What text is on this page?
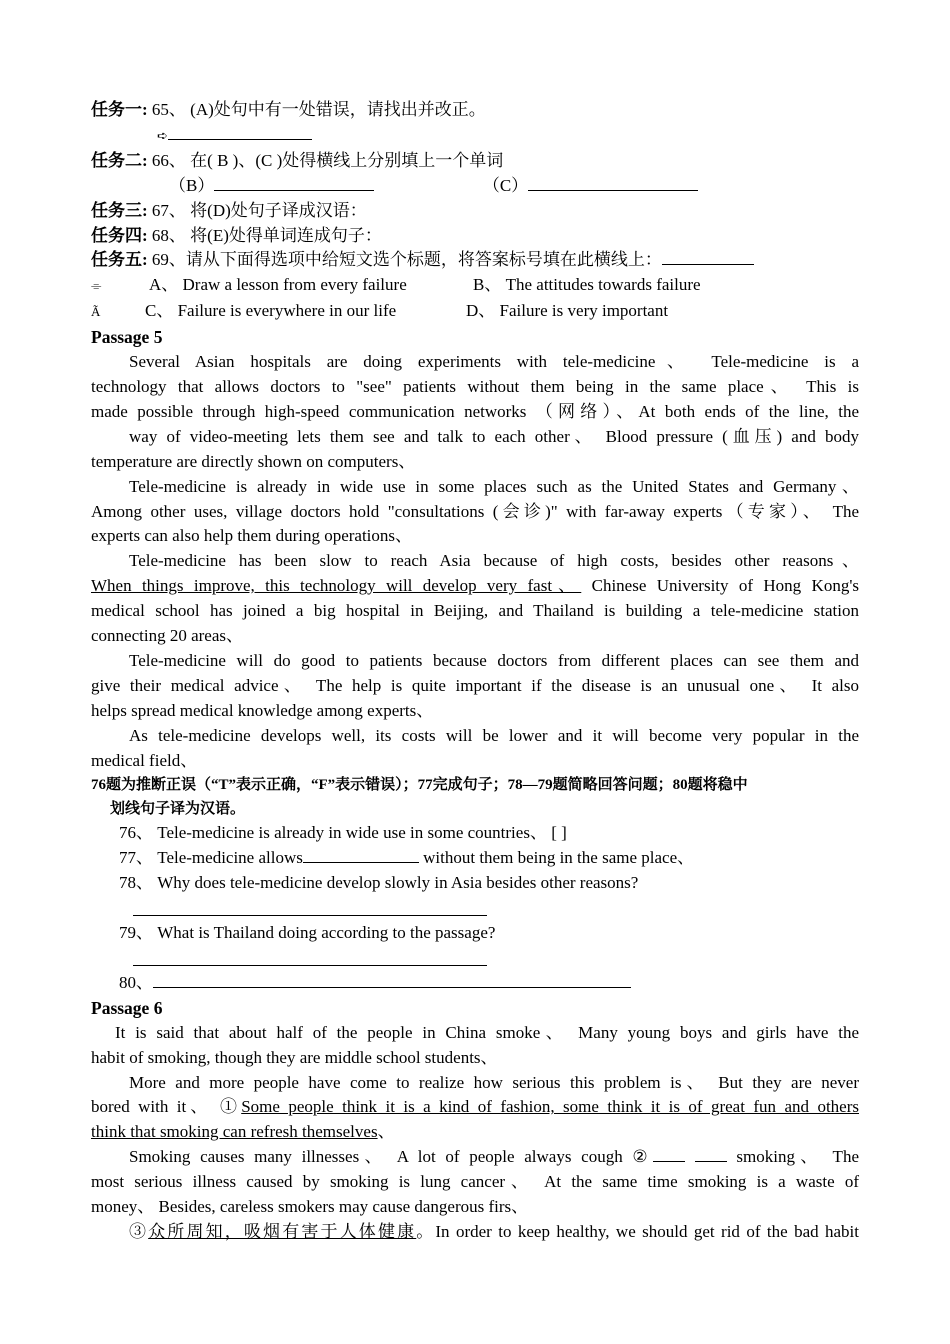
任务一: 65、 (A)处句中有一处错误，请找出并改正。
➪
任务二: 66、 在( B )、(C )处得横线上分别填上一个单词
（B）	（C）
任务三: 67、 将(D)处句子译成汉语：
任务四: 68、 将(E)处得单词连成句子：
任务五: 69、请从下面得选项中给短文选个标题，将答案标号填在此横线上：
⌯	A、 Draw a lesson from every failure	B、 The attitudes towards failure
Ã	C、 Failure is everywhere in our life	D、 Failure is very important
Passage 5
Several Asian hospitals are doing experiments with tele-medicine、 Tele-medicine is a
technology that allows doctors to "see" patients without them being in the same place、 This is
made possible through high-speed communication networks （网络）、At both ends of the line, the
way of video-meeting lets them see and talk to each other、 Blood pressure (血压) and body
temperature are directly shown on computers、
Tele-medicine is already in wide use in some places such as the United States and Germany、
Among other uses, village doctors hold "consultations (会诊)" with far-away experts（专家）、 The
experts can also help them during operations、
Tele-medicine has been slow to reach Asia because of high costs, besides other reasons、
When things improve, this technology will develop very fast、 Chinese University of Hong Kong's
medical school has joined a big hospital in Beijing, and Thailand is building a tele-medicine station
connecting 20 areas、
Tele-medicine will do good to patients because doctors from different places can see them and
give their medical advice、 The help is quite important if the disease is an unusual one、 It also
helps spread medical knowledge among experts、
As tele-medicine develops well, its costs will be lower and it will become very popular in the
medical field、
76题为推断正误（“T”表示正确，“F”表示错误）；77完成句子；78—79题简略回答问题；80题将稳中
划线句子译为汉语。
76、 Tele-medicine is already in wide use in some countries、 [ ]
77、 Tele-medicine allows	without them being in the same place、
78、 Why does tele-medicine develop slowly in Asia besides other reasons?
79、 What is Thailand doing according to the passage?
80、
Passage 6
It is said that about half of the people in China smoke、 Many young boys and girls have the
habit of smoking, though they are middle school students、
More and more people have come to realize how serious this problem is、 But they are never
bored with it、 ①Some people think it is a kind of fashion, some think it is of great fun and others
think that smoking can refresh themselves、
Smoking causes many illnesses、 A lot of people always cough ②	smoking、 The
most serious illness caused by smoking is lung cancer、 At the same time smoking is a waste of
money、 Besides, careless smokers may cause dangerous firs、
③众所周知，吸烟有害于人体健康。In order to keep healthy, we should get rid of the bad habit
